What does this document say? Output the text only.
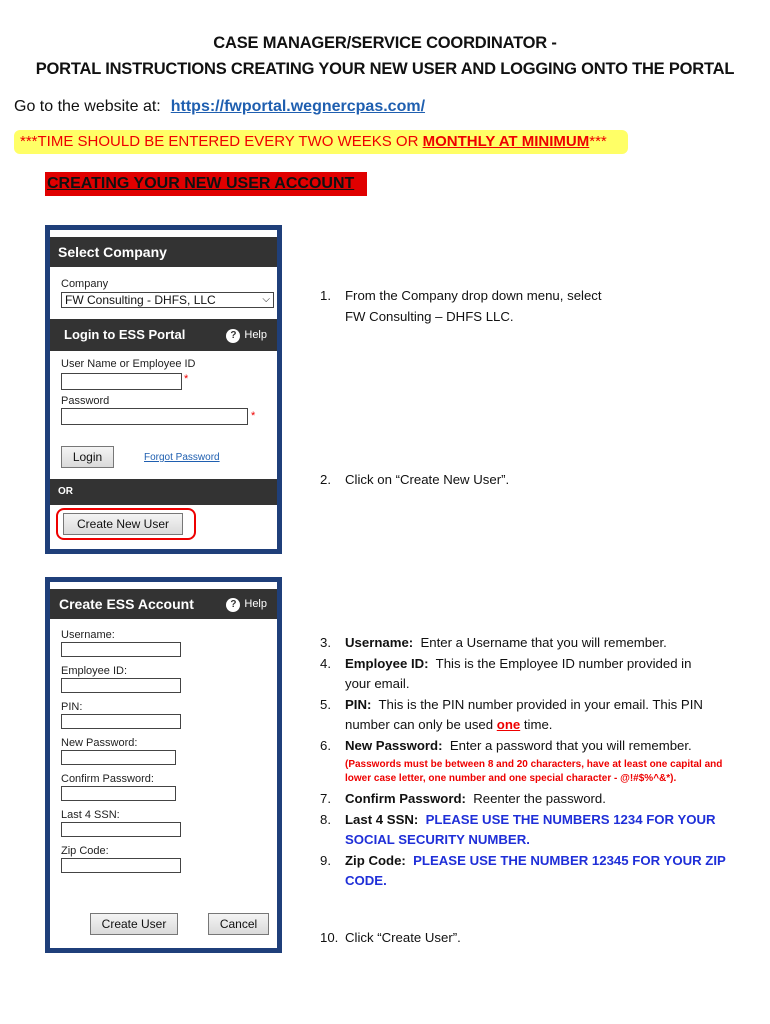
CASE MANAGER/SERVICE COORDINATOR -
PORTAL INSTRUCTIONS CREATING YOUR NEW USER AND LOGGING ONTO THE PORTAL
Go to the website at: https://fwportal.wegnercpas.com/
***TIME SHOULD BE ENTERED EVERY TWO WEEKS OR MONTHLY AT MINIMUM***
CREATING YOUR NEW USER ACCOUNT
Select Company
Company
FW Consulting - DHFS, LLC	⌵
Login to ESS Portal	? Help
User Name or Employee ID
*
Password
*
Login	Forgot Password
OR
Create New User
Create ESS Account	? Help
Username:
Employee ID:
PIN:
New Password:
Confirm Password:
Last 4 SSN:
Zip Code:
Create User	Cancel
1. From the Company drop down menu, select
FW Consulting – DHFS LLC.
2. Click on “Create New User”.
3. Username: Enter a Username that you will remember.
4. Employee ID: This is the Employee ID number provided in
your email.
5. PIN: This is the PIN number provided in your email. This PIN
number can only be used one time.
6. New Password: Enter a password that you will remember.
(Passwords must be between 8 and 20 characters, have at least one capital and
lower case letter, one number and one special character - @!#$%^&*).
7. Confirm Password: Reenter the password.
8. Last 4 SSN: PLEASE USE THE NUMBERS 1234 FOR YOUR
SOCIAL SECURITY NUMBER.
9. Zip Code: PLEASE USE THE NUMBER 12345 FOR YOUR ZIP
CODE.
10. Click “Create User”.
